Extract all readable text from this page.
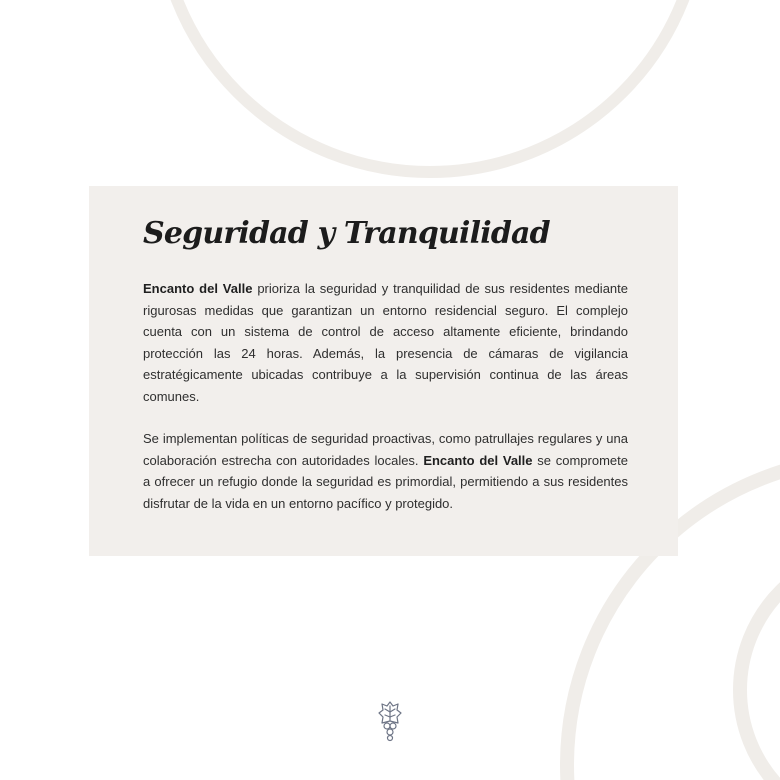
Seguridad y Tranquilidad

Encanto del Valle prioriza la seguridad y tranquilidad de sus residentes mediante rigurosas medidas que garantizan un entorno residencial seguro. El complejo cuenta con un sistema de control de acceso altamente eficiente, brindando protección las 24 horas. Además, la presencia de cámaras de vigilancia estratégicamente ubicadas contribuye a la supervisión continua de las áreas comunes.

Se implementan políticas de seguridad proactivas, como patrullajes regulares y una colaboración estrecha con autoridades locales. Encanto del Valle se compromete a ofrecer un refugio donde la seguridad es primordial, permitiendo a sus residentes disfrutar de la vida en un entorno pacífico y protegido.
